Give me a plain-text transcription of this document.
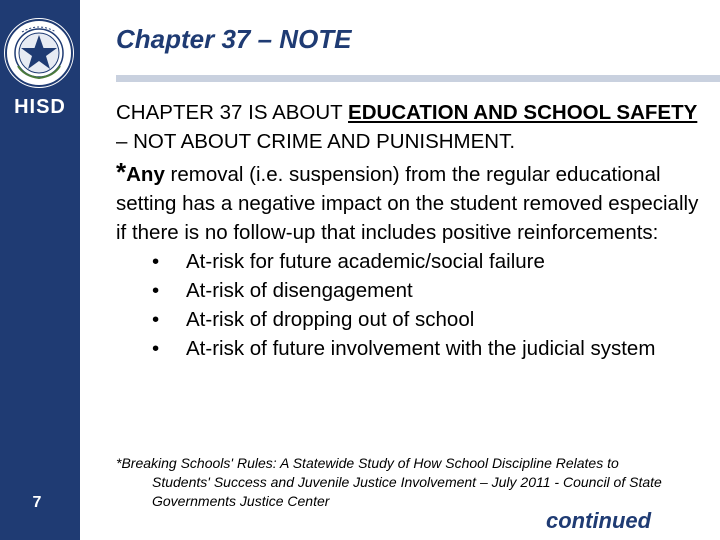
HISD
7
Chapter 37 – NOTE

CHAPTER 37 IS ABOUT EDUCATION AND SCHOOL SAFETY – NOT ABOUT CRIME AND PUNISHMENT.

*Any removal (i.e. suspension) from the regular educational setting has a negative impact on the student removed especially if there is no follow-up that includes positive reinforcements:

•	At-risk for future academic/social failure
•	At-risk of disengagement
•	At-risk of dropping out of school
•	At-risk of future involvement with the judicial system
*Breaking Schools' Rules: A Statewide Study of How School Discipline Relates to
Students' Success and Juvenile Justice Involvement – July 2011 - Council of State Governments Justice Center
continued
